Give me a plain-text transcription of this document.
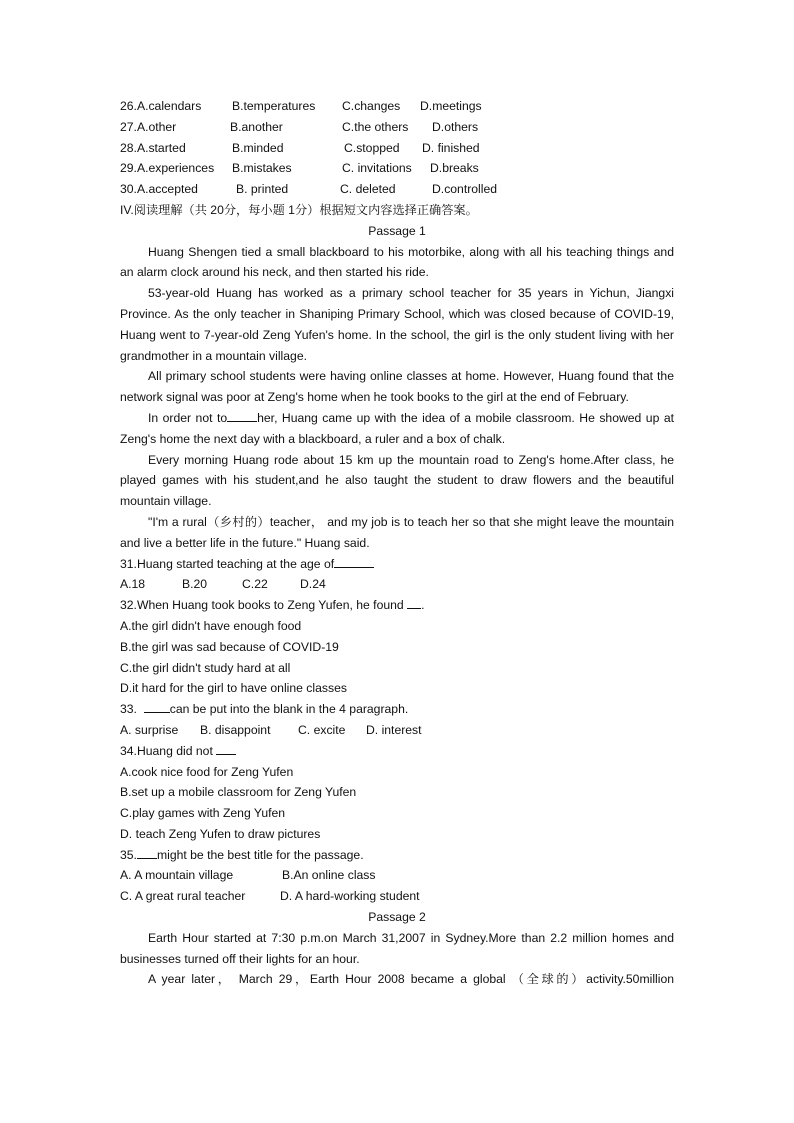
26.A.calendars	B.temperatures C.changes D.meetings
27.A.other	B.another	C.the others D.others
28.A.started	B.minded	C.stopped D. finished
29.A.experiences B.mistakes	C. invitations D.breaks
30.A.accepted	B. printed	C. deleted	D.controlled

IV.阅读理解（共 20分，每小题 1分）根据短文内容选择正确答案。

Passage 1

Huang Shengen tied a small blackboard to his motorbike, along with all his teaching things and an alarm clock around his neck, and then started his ride.

53-year-old Huang has worked as a primary school teacher for 35 years in Yichun, Jiangxi Province. As the only teacher in Shaniping Primary School, which was closed because of COVID-19, Huang went to 7-year-old Zeng Yufen's home. In the school, the girl is the only student living with her grandmother in a mountain village.

All primary school students were having online classes at home. However, Huang found that the network signal was poor at Zeng's home when he took books to the girl at the end of February.

In order not to her, Huang came up with the idea of a mobile classroom. He showed up at Zeng's home the next day with a blackboard, a ruler and a box of chalk.

Every morning Huang rode about 15 km up the mountain road to Zeng's home.After class, he played games with his student,and he also taught the student to draw flowers and the beautiful mountain village.

"I'm a rural（乡村的）teacher， and my job is to teach her so that she might leave the mountain and live a better life in the future." Huang said.

31.Huang started teaching at the age of

A.18	B.20	C.22	D.24

32.When Huang took books to Zeng Yufen, he found .

A.the girl didn't have enough food

B.the girl was sad because of COVID-19

C.the girl didn't study hard at all

D.it hard for the girl to have online classes

33.	can be put into the blank in the 4 paragraph.

A. surprise B. disappoint C. excite D. interest

34.Huang did not

A.cook nice food for Zeng Yufen

B.set up a mobile classroom for Zeng Yufen

C.play games with Zeng Yufen

D. teach Zeng Yufen to draw pictures

35. might be the best title for the passage.

A. A mountain village	B.An online class
C. A great rural teacher	D. A hard-working student

Passage 2

Earth Hour started at 7:30 p.m.on March 31,2007 in Sydney.More than 2.2 million homes and businesses turned off their lights for an hour.

A year later， March 29，Earth Hour 2008 became a global （全球的）activity.50million
